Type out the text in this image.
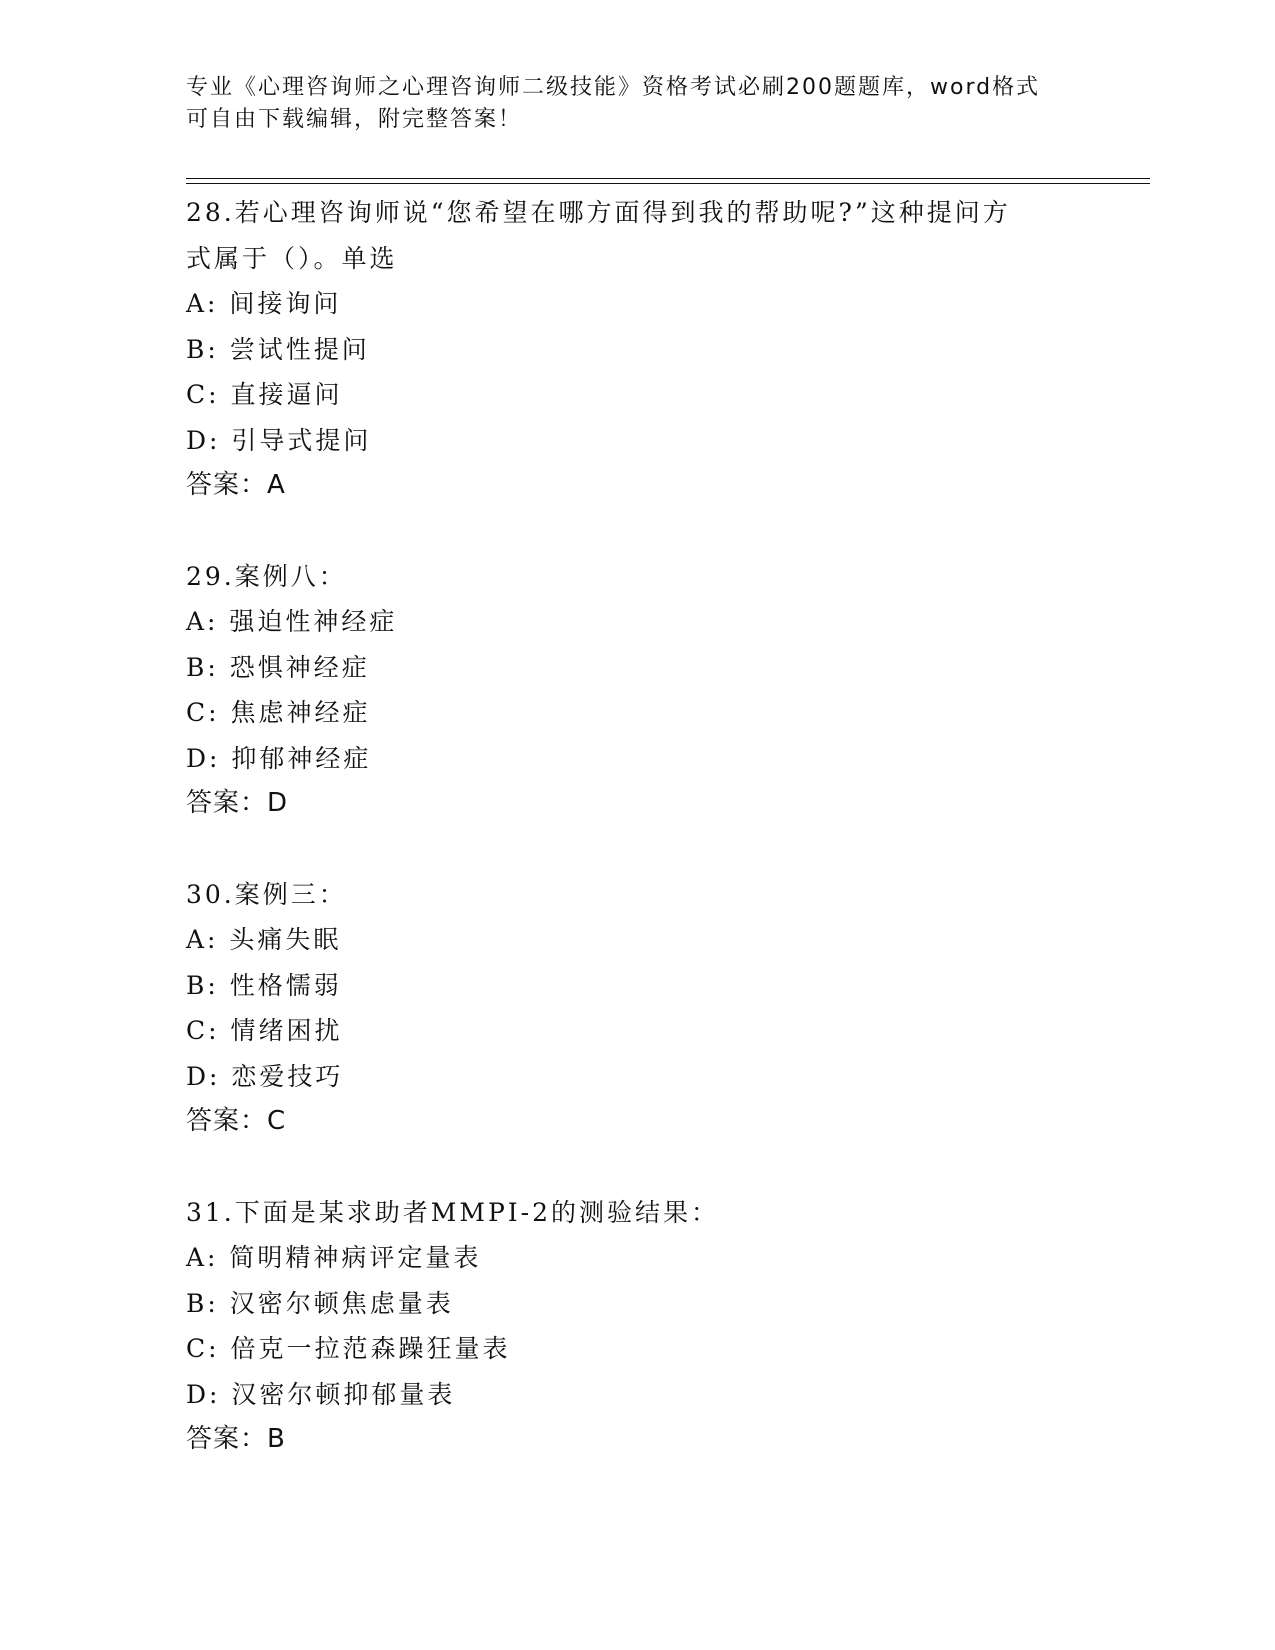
专业《心理咨询师之心理咨询师二级技能》资格考试必刷200题题库，word格式
可自由下载编辑，附完整答案！
28.若心理咨询师说“您希望在哪方面得到我的帮助呢?”这种提问方
式属于（）。单选
A: 间接询问
B: 尝试性提问
C: 直接逼问
D: 引导式提问
答案：A
29.案例八：
A: 强迫性神经症
B: 恐惧神经症
C: 焦虑神经症
D: 抑郁神经症
答案：D
30.案例三：
A: 头痛失眠
B: 性格懦弱
C: 情绪困扰
D: 恋爱技巧
答案：C
31.下面是某求助者MMPI-2的测验结果：
A: 简明精神病评定量表
B: 汉密尔顿焦虑量表
C: 倍克一拉范森躁狂量表
D: 汉密尔顿抑郁量表
答案：B
